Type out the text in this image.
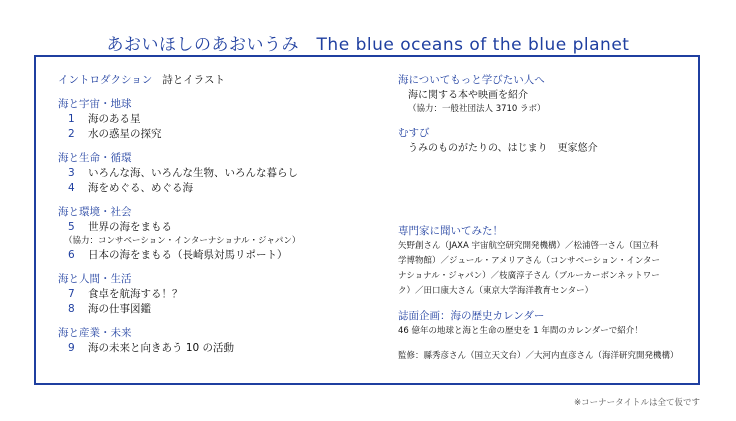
あおいほしのあおいうみ　The blue oceans of the blue planet
イントロダクション 詩とイラスト
海と宇宙・地球
1 海のある星
2 水の惑星の探究
海と生命・循環
3 いろんな海、いろんな生物、いろんな暮らし
4 海をめぐる、めぐる海
海と環境・社会
5 世界の海をまもる
（協力：コンサベーション・インターナショナル・ジャパン）
6 日本の海をまもる（長崎県対馬リポート）
海と人間・生活
7 食卓を航海する！？
8 海の仕事図鑑
海と産業・未来
9 海の未来と向きあう 10 の活動
海についてもっと学びたい人へ
海に関する本や映画を紹介
（協力：一般社団法人 3710 ラボ）
むすび
うみのものがたりの、はじまり　更家悠介
専門家に聞いてみた！
矢野創さん（JAXA 宇宙航空研究開発機構）／松浦啓一さん（国立科
学博物館）／ジュール・アメリアさん（コンサベーション・インター
ナショナル・ジャパン）／枝廣淳子さん（ブルーカーボンネットワー
ク）／田口康大さん（東京大学海洋教育センター）
誌面企画：海の歴史カレンダー
46 億年の地球と海と生命の歴史を 1 年間のカレンダーで紹介！
監修：縣秀彦さん（国立天文台）／大河内直彦さん（海洋研究開発機構）
※コーナータイトルは全て仮です
